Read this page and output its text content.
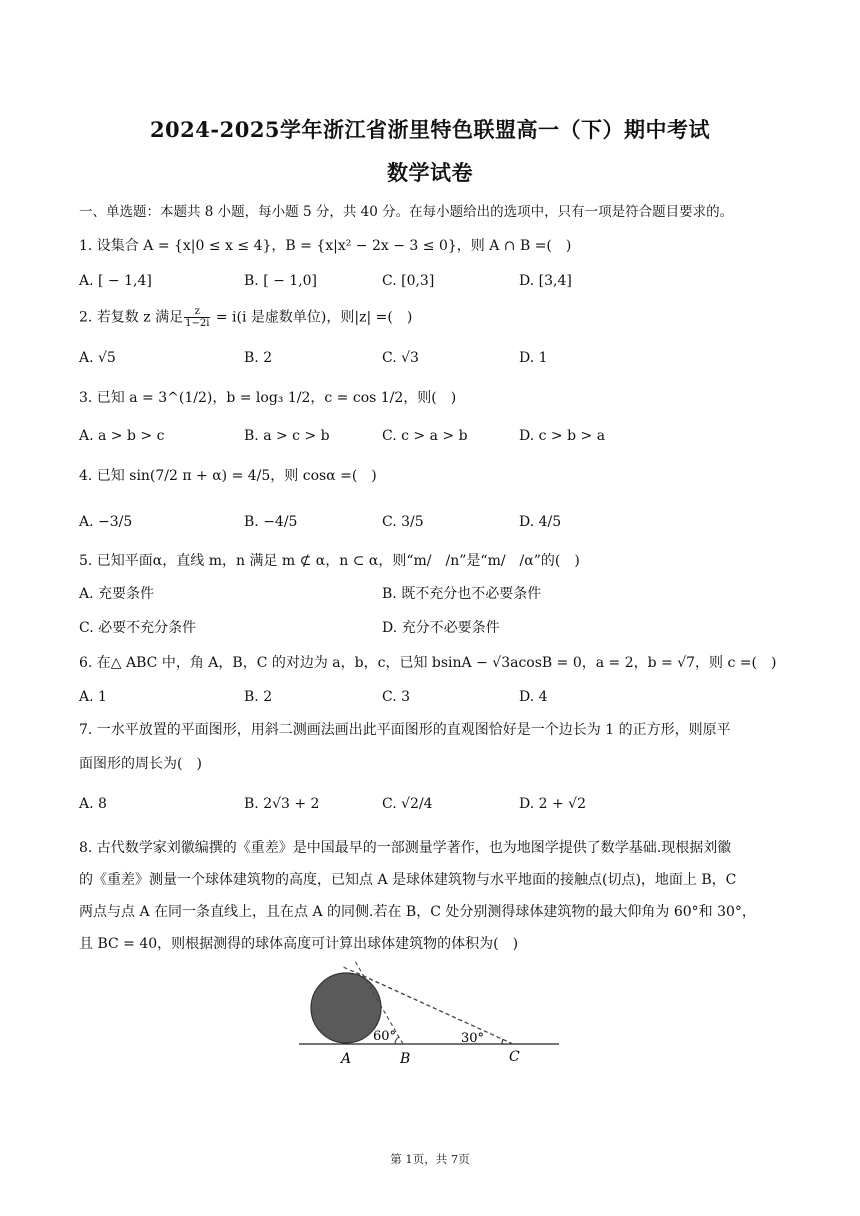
2024-2025学年浙江省浙里特色联盟高一（下）期中考试
数学试卷
一、单选题：本题共 8 小题，每小题 5 分，共 40 分。在每小题给出的选项中，只有一项是符合题目要求的。
1. 设集合 A = {x|0 ≤ x ≤ 4}，B = {x|x² − 2x − 3 ≤ 0}，则 A ∩ B =(　)
A. [ − 1,4]	B. [ − 1,0]	C. [0,3]	D. [3,4]
2. 若复数 z 满足 $\frac{z}{1-2i} = i(i$ 是虚数单位)，则|z| =(　)
A. √5	B. 2	C. √3	D. 1
3. 已知 a = 3^(1/2)，b = log₃ 1/2，c = cos 1/2，则(　)
A. a > b > c	B. a > c > b	C. c > a > b	D. c > b > a
4. 已知 sin(7/2 π + α) = 4/5，则 cosα =(　)
A. −3/5	B. −4/5	C. 3/5	D. 4/5
5. 已知平面α，直线 m，n 满足 m ⊄ α，n ⊂ α，则“m/　/n”是“m/　/α”的(　)
A. 充要条件	B. 既不充分也不必要条件
C. 必要不充分条件	D. 充分不必要条件
6. 在△ ABC 中，角 A，B，C 的对边为 a，b，c，已知 bsinA − √3acosB = 0，a = 2，b = √7，则 c =(　)
A. 1	B. 2	C. 3	D. 4
7. 一水平放置的平面图形，用斜二测画法画出此平面图形的直观图恰好是一个边长为 1 的正方形，则原平
面图形的周长为(　)
A. 8	B. 2√3 + 2	C. √2/4	D. 2 + √2
8. 古代数学家刘徽编撰的《重差》是中国最早的一部测量学著作，也为地图学提供了数学基础.现根据刘徽
的《重差》测量一个球体建筑物的高度，已知点 A 是球体建筑物与水平地面的接触点(切点)，地面上 B，C
两点与点 A 在同一条直线上，且在点 A 的同侧.若在 B，C 处分别测得球体建筑物的最大仰角为 60°和 30°，
且 BC = 40，则根据测得的球体高度可计算出球体建筑物的体积为(　)
60°	30°
A	B	C
第 1页，共 7页
